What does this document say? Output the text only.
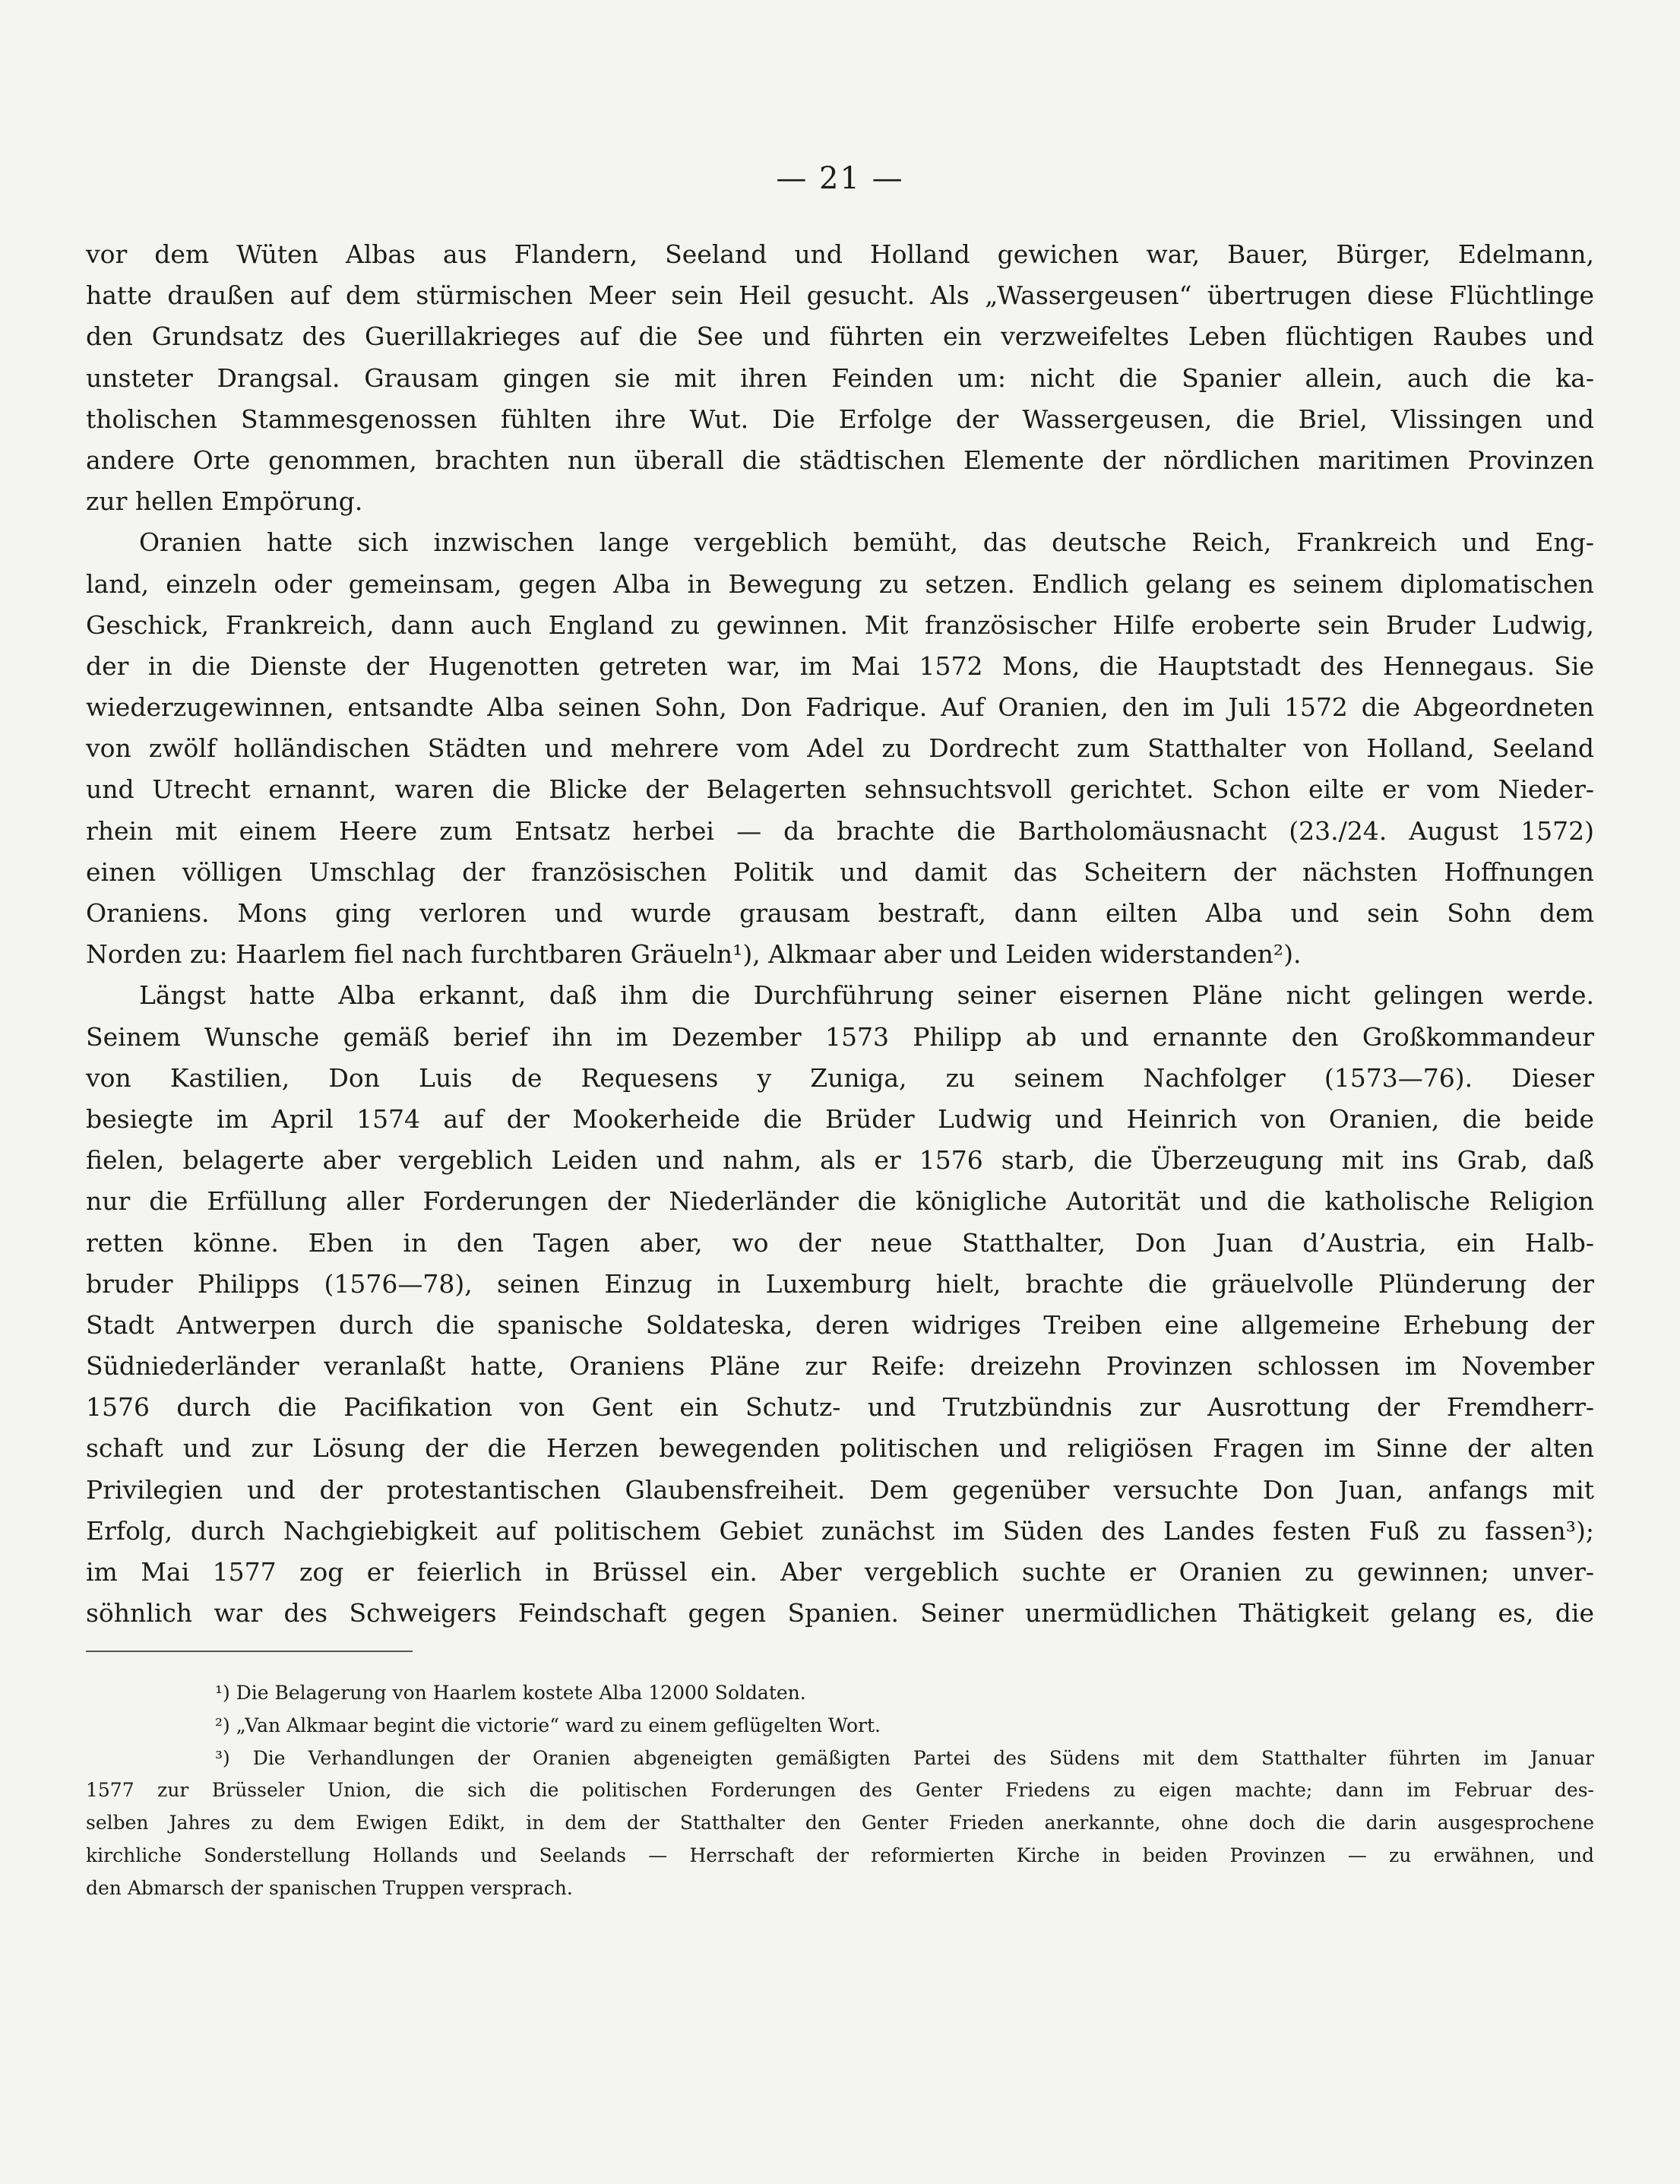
— 21 —
vor dem Wüten Albas aus Flandern, Seeland und Holland gewichen war, Bauer, Bürger, Edelmann,
hatte draußen auf dem stürmischen Meer sein Heil gesucht. Als „Wassergeusen“ übertrugen diese Flüchtlinge
den Grundsatz des Guerillakrieges auf die See und führten ein verzweifeltes Leben flüchtigen Raubes und
unsteter Drangsal. Grausam gingen sie mit ihren Feinden um: nicht die Spanier allein, auch die ka-
tholischen Stammesgenossen fühlten ihre Wut. Die Erfolge der Wassergeusen, die Briel, Vlissingen und
andere Orte genommen, brachten nun überall die städtischen Elemente der nördlichen maritimen Provinzen
zur hellen Empörung.
Oranien hatte sich inzwischen lange vergeblich bemüht, das deutsche Reich, Frankreich und Eng-
land, einzeln oder gemeinsam, gegen Alba in Bewegung zu setzen. Endlich gelang es seinem diplomatischen
Geschick, Frankreich, dann auch England zu gewinnen. Mit französischer Hilfe eroberte sein Bruder Ludwig,
der in die Dienste der Hugenotten getreten war, im Mai 1572 Mons, die Hauptstadt des Hennegaus. Sie
wiederzugewinnen, entsandte Alba seinen Sohn, Don Fadrique. Auf Oranien, den im Juli 1572 die Abgeordneten
von zwölf holländischen Städten und mehrere vom Adel zu Dordrecht zum Statthalter von Holland, Seeland
und Utrecht ernannt, waren die Blicke der Belagerten sehnsuchtsvoll gerichtet. Schon eilte er vom Nieder-
rhein mit einem Heere zum Entsatz herbei — da brachte die Bartholomäusnacht (23./24. August 1572)
einen völligen Umschlag der französischen Politik und damit das Scheitern der nächsten Hoffnungen
Oraniens. Mons ging verloren und wurde grausam bestraft, dann eilten Alba und sein Sohn dem
Norden zu: Haarlem fiel nach furchtbaren Gräueln¹), Alkmaar aber und Leiden widerstanden²).
Längst hatte Alba erkannt, daß ihm die Durchführung seiner eisernen Pläne nicht gelingen werde.
Seinem Wunsche gemäß berief ihn im Dezember 1573 Philipp ab und ernannte den Großkommandeur
von Kastilien, Don Luis de Requesens y Zuniga, zu seinem Nachfolger (1573—76). Dieser
besiegte im April 1574 auf der Mookerheide die Brüder Ludwig und Heinrich von Oranien, die beide
fielen, belagerte aber vergeblich Leiden und nahm, als er 1576 starb, die Überzeugung mit ins Grab, daß
nur die Erfüllung aller Forderungen der Niederländer die königliche Autorität und die katholische Religion
retten könne. Eben in den Tagen aber, wo der neue Statthalter, Don Juan d’Austria, ein Halb-
bruder Philipps (1576—78), seinen Einzug in Luxemburg hielt, brachte die gräuelvolle Plünderung der
Stadt Antwerpen durch die spanische Soldateska, deren widriges Treiben eine allgemeine Erhebung der
Südniederländer veranlaßt hatte, Oraniens Pläne zur Reife: dreizehn Provinzen schlossen im November
1576 durch die Pacifikation von Gent ein Schutz- und Trutzbündnis zur Ausrottung der Fremdherr-
schaft und zur Lösung der die Herzen bewegenden politischen und religiösen Fragen im Sinne der alten
Privilegien und der protestantischen Glaubensfreiheit. Dem gegenüber versuchte Don Juan, anfangs mit
Erfolg, durch Nachgiebigkeit auf politischem Gebiet zunächst im Süden des Landes festen Fuß zu fassen³);
im Mai 1577 zog er feierlich in Brüssel ein. Aber vergeblich suchte er Oranien zu gewinnen; unver-
söhnlich war des Schweigers Feindschaft gegen Spanien. Seiner unermüdlichen Thätigkeit gelang es, die
¹) Die Belagerung von Haarlem kostete Alba 12000 Soldaten.
²) „Van Alkmaar begint die victorie“ ward zu einem geflügelten Wort.
³) Die Verhandlungen der Oranien abgeneigten gemäßigten Partei des Südens mit dem Statthalter führten im Januar
1577 zur Brüsseler Union, die sich die politischen Forderungen des Genter Friedens zu eigen machte; dann im Februar des-
selben Jahres zu dem Ewigen Edikt, in dem der Statthalter den Genter Frieden anerkannte, ohne doch die darin ausgesprochene
kirchliche Sonderstellung Hollands und Seelands — Herrschaft der reformierten Kirche in beiden Provinzen — zu erwähnen, und
den Abmarsch der spanischen Truppen versprach.
